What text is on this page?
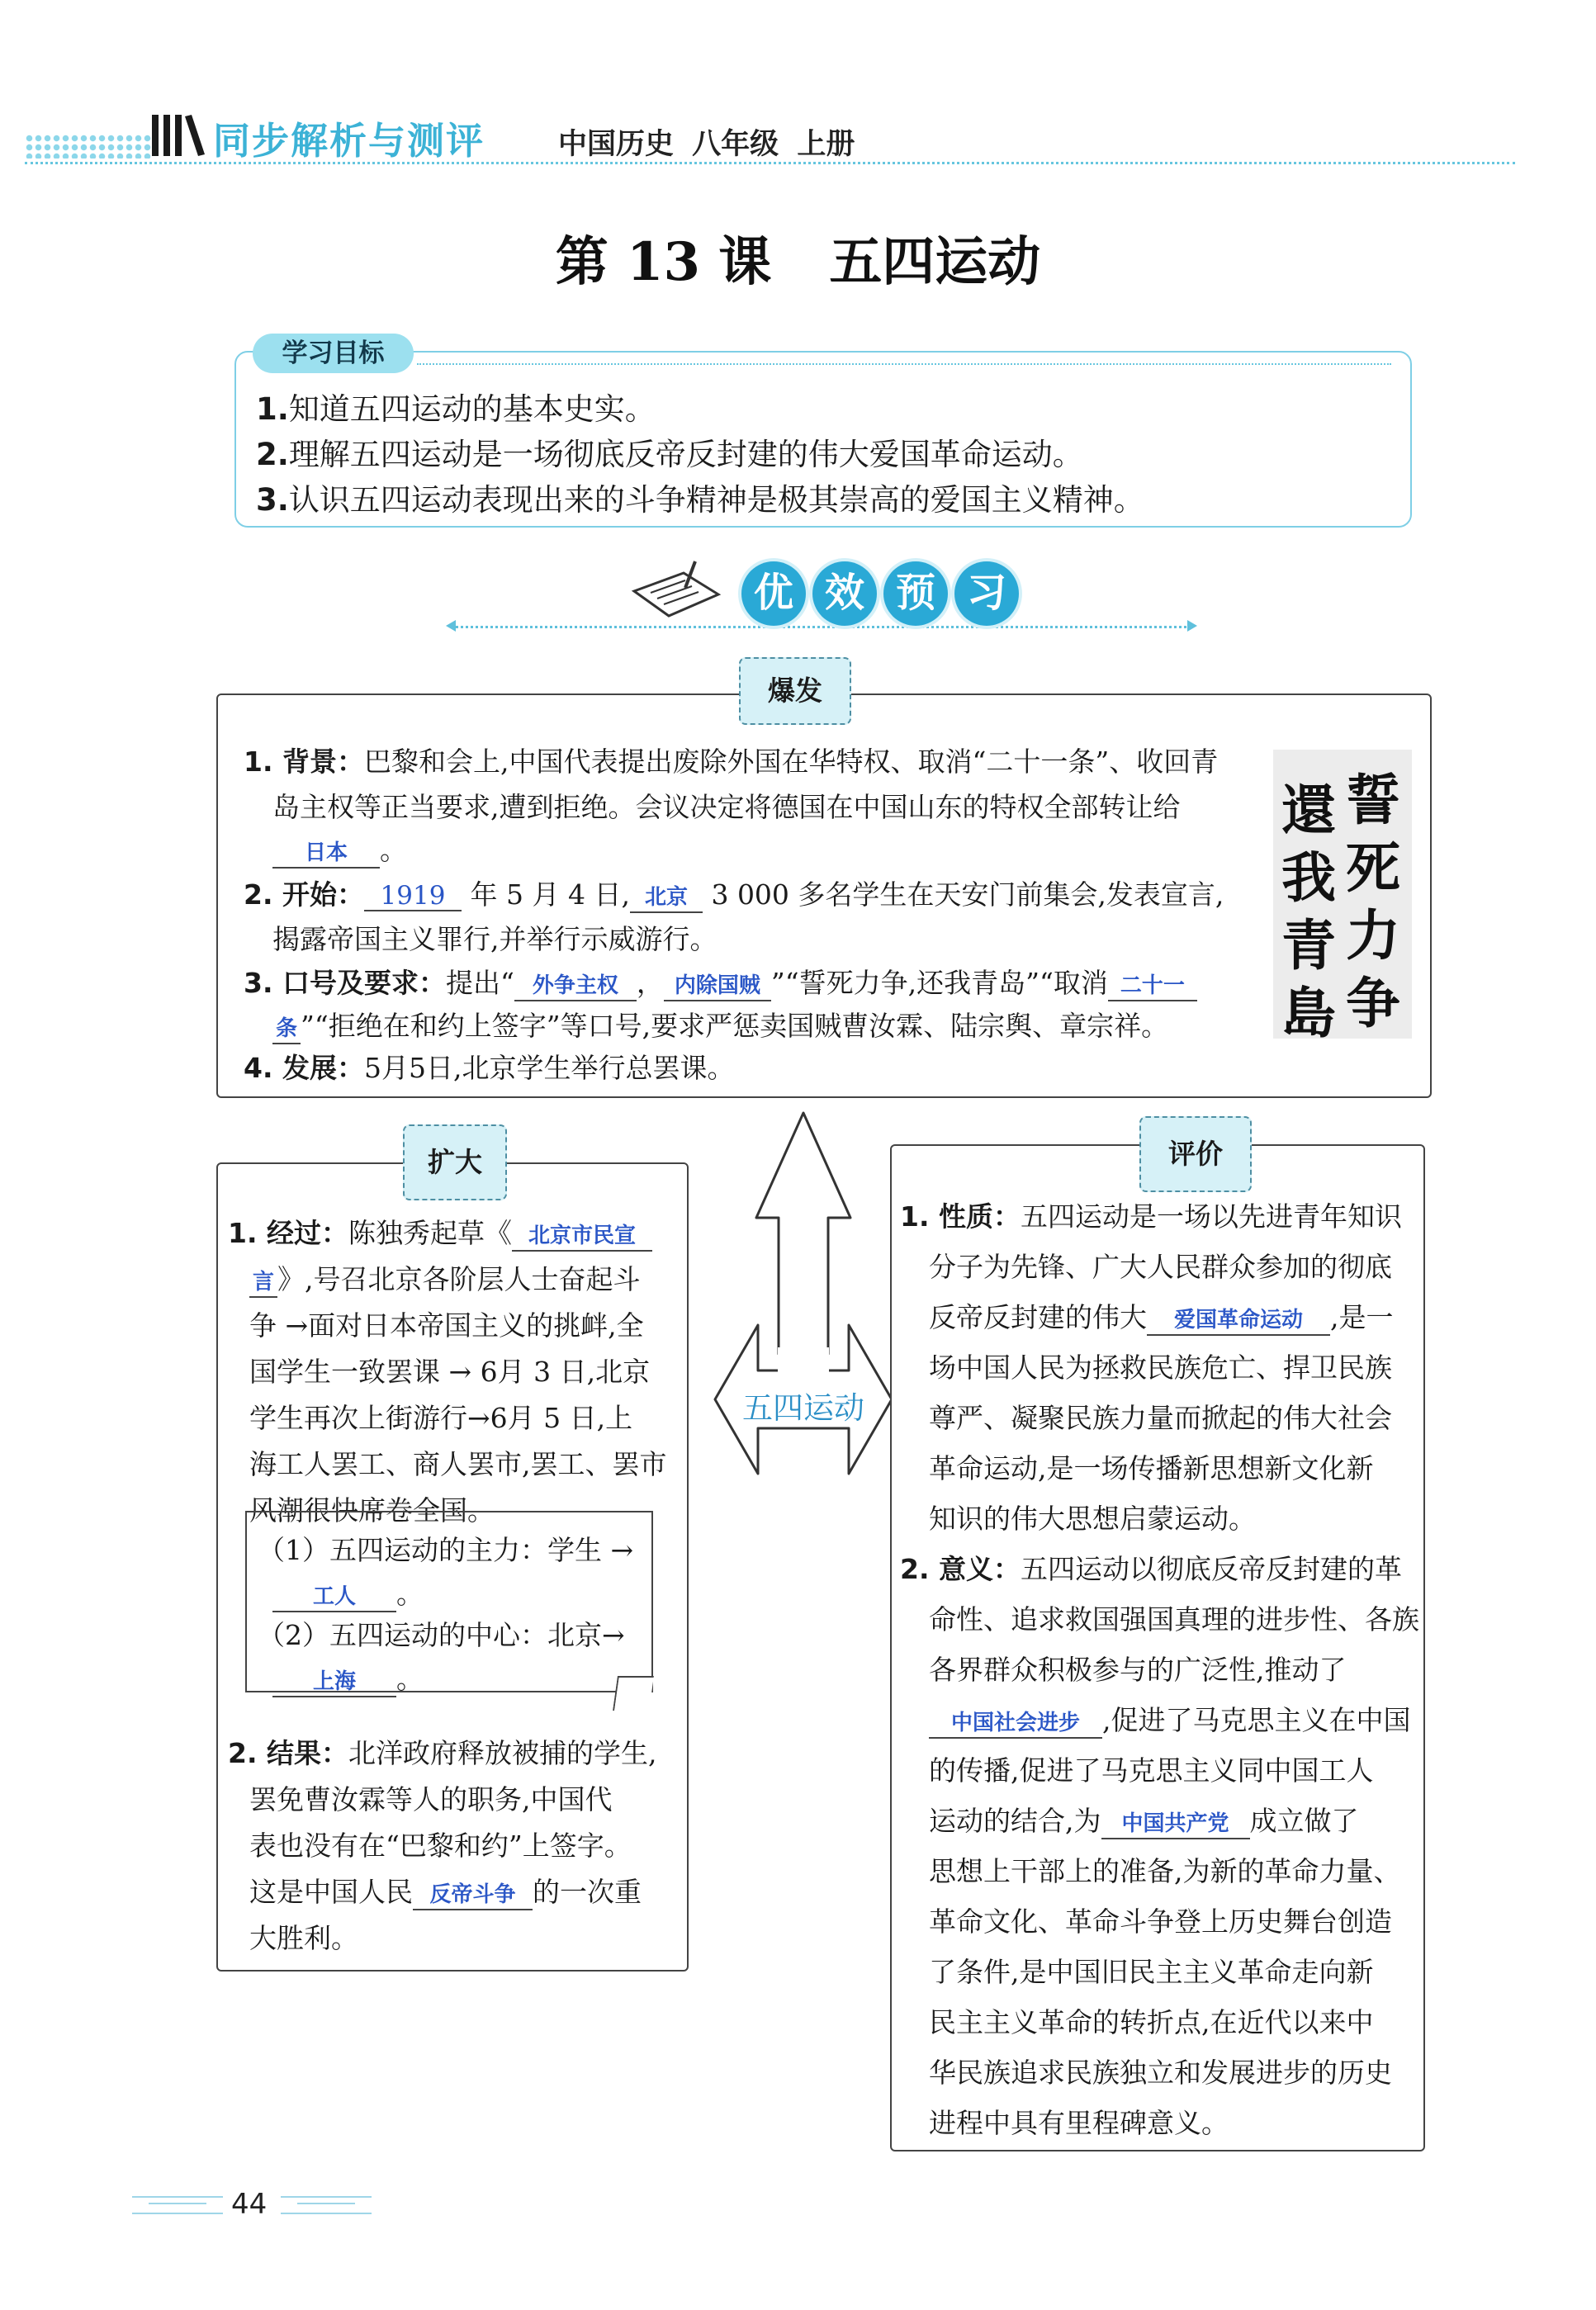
同步解析与测评	中国历史 八年级 上册
第 13 课 五四运动
学习目标
1.知道五四运动的基本史实。
2.理解五四运动是一场彻底反帝反封建的伟大爱国革命运动。
3.认识五四运动表现出来的斗争精神是极其崇高的爱国主义精神。
优 效 预 习
爆发
1. 背景：巴黎和会上,中国代表提出废除外国在华特权、取消“二十一条”、收回青
岛主权等正当要求,遭到拒绝。会议决定将德国在中国山东的特权全部转让给
日本 。
2. 开始： 1919 年 5 月 4 日, 北京 3 000 多名学生在天安门前集会,发表宣言,
揭露帝国主义罪行,并举行示威游行。
3. 口号及要求：提出“ 外争主权 ， 内除国贼 ”“誓死力争,还我青岛”“取消 二十一
条 ”“拒绝在和约上签字”等口号,要求严惩卖国贼曹汝霖、陆宗舆、章宗祥。
4. 发展：5月5日,北京学生举行总罢课。
誓
死
力
争
還
我
青
島
五四运动
扩大
1. 经过：陈独秀起草《 北京市民宣
言 》,号召北京各阶层人士奋起斗
争 →面对日本帝国主义的挑衅,全
国学生一致罢课 → 6月 3 日,北京
学生再次上街游行→6月 5 日,上
海工人罢工、商人罢市,罢工、罢市
风潮很快席卷全国。
（1）五四运动的主力：学生 →
工人 。
（2）五四运动的中心：北京→
上海 。
2. 结果：北洋政府释放被捕的学生,
罢免曹汝霖等人的职务,中国代
表也没有在“巴黎和约”上签字。
这是中国人民 反帝斗争 的一次重
大胜利。
评价
1. 性质：五四运动是一场以先进青年知识
分子为先锋、广大人民群众参加的彻底
反帝反封建的伟大 爱国革命运动 ,是一
场中国人民为拯救民族危亡、捍卫民族
尊严、凝聚民族力量而掀起的伟大社会
革命运动,是一场传播新思想新文化新
知识的伟大思想启蒙运动。
2. 意义：五四运动以彻底反帝反封建的革
命性、追求救国强国真理的进步性、各族
各界群众积极参与的广泛性,推动了
中国社会进步 ,促进了马克思主义在中国
的传播,促进了马克思主义同中国工人
运动的结合,为 中国共产党 成立做了
思想上干部上的准备,为新的革命力量、
革命文化、革命斗争登上历史舞台创造
了条件,是中国旧民主主义革命走向新
民主主义革命的转折点,在近代以来中
华民族追求民族独立和发展进步的历史
进程中具有里程碑意义。
44
